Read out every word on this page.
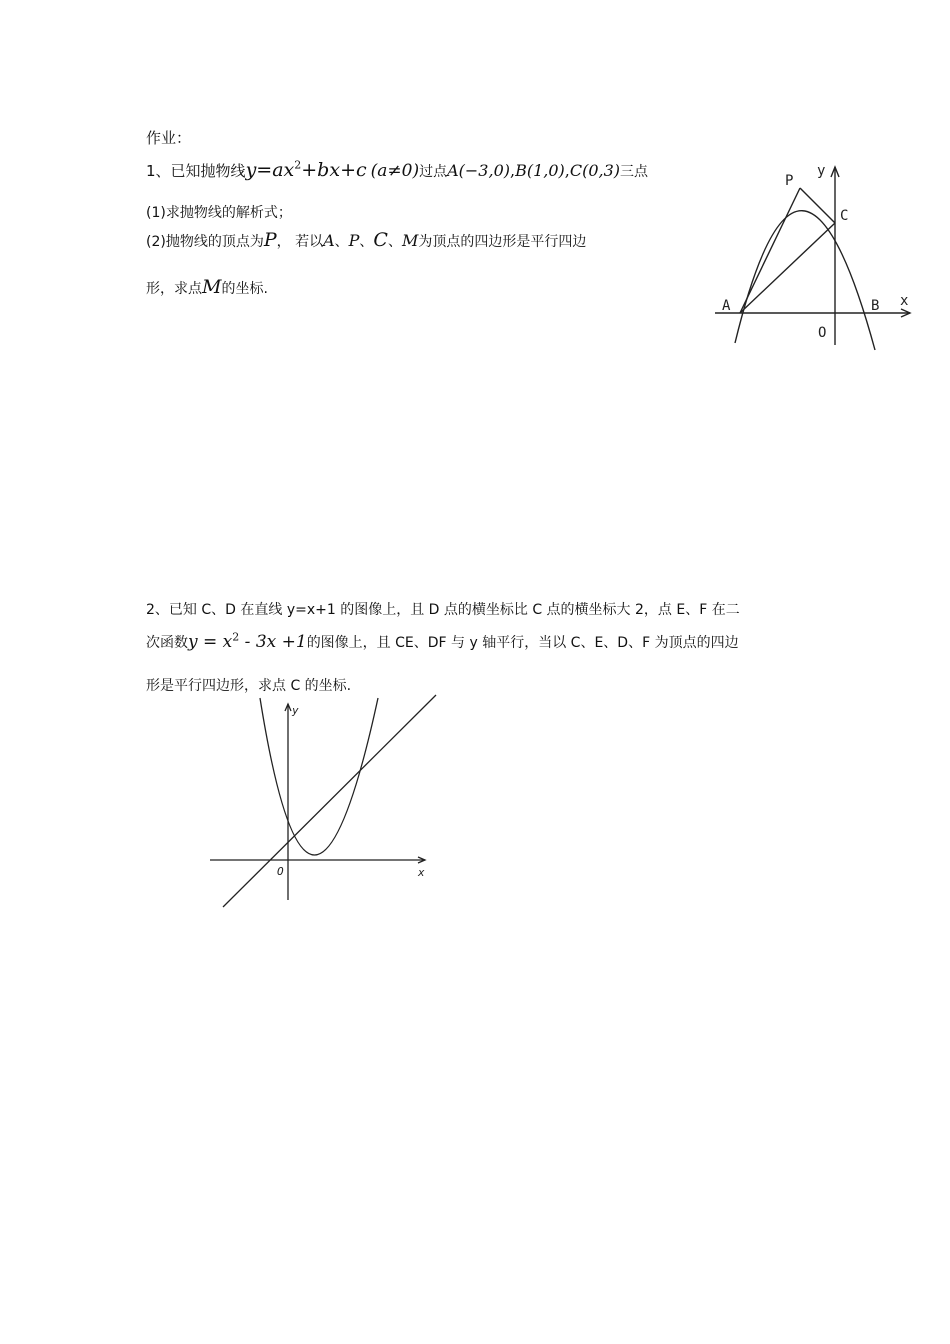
作业：
1、已知抛物线$y=ax^2+bx+c$ (a≠0)过点A(−3,0),B(1,0),C(0,3)三点
(1)求抛物线的解析式；
(2)抛物线的顶点为P， 若以A、P、C、M为顶点的四边形是平行四边
形，求点M的坐标.
P
y
C
A	B x
O
2、已知 C、D 在直线 y=x+1 的图像上，且 D 点的横坐标比 C 点的横坐标大 2，点 E、F 在二
次函数$y = x^2 - 3x +1$的图像上，且 CE、DF 与 y 轴平行，当以 C、E、D、F 为顶点的四边
形是平行四边形，求点 C 的坐标.
y
x
O
